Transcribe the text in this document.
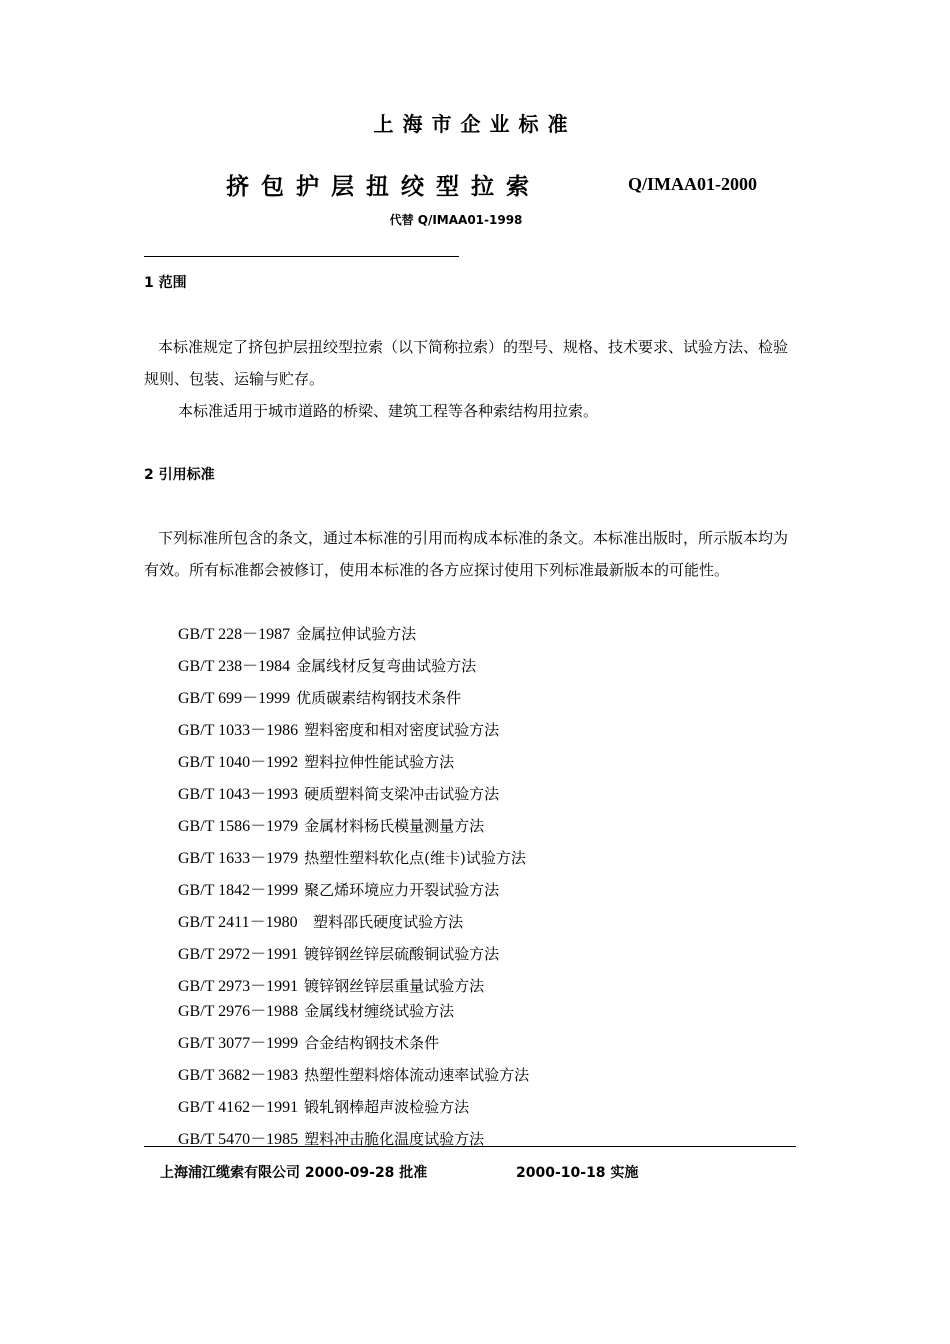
上海市企业标准
挤包护层扭绞型拉索	Q/IMAA01-2000
代替 Q/IMAA01-1998
1 范围
本标准规定了挤包护层扭绞型拉索（以下简称拉索）的型号、规格、技术要求、试验方法、检验规则、包装、运输与贮存。
本标准适用于城市道路的桥梁、建筑工程等各种索结构用拉索。
2 引用标准
下列标准所包含的条文，通过本标准的引用而构成本标准的条文。本标准出版时，所示版本均为有效。所有标准都会被修订，使用本标准的各方应探讨使用下列标准最新版本的可能性。
GB/T 228－1987 金属拉伸试验方法
GB/T 238－1984 金属线材反复弯曲试验方法
GB/T 699－1999 优质碳素结构钢技术条件
GB/T 1033－1986 塑料密度和相对密度试验方法
GB/T 1040－1992 塑料拉伸性能试验方法
GB/T 1043－1993 硬质塑料简支梁冲击试验方法
GB/T 1586－1979 金属材料杨氏模量测量方法
GB/T 1633－1979 热塑性塑料软化点(维卡)试验方法
GB/T 1842－1999 聚乙烯环境应力开裂试验方法
GB/T 2411－1980  塑料邵氏硬度试验方法
GB/T 2972－1991 镀锌钢丝锌层硫酸铜试验方法
GB/T 2973－1991 镀锌钢丝锌层重量试验方法
GB/T 2976－1988 金属线材缠绕试验方法
GB/T 3077－1999 合金结构钢技术条件
GB/T 3682－1983 热塑性塑料熔体流动速率试验方法
GB/T 4162－1991 锻轧钢棒超声波检验方法
GB/T 5470－1985 塑料冲击脆化温度试验方法
上海浦江缆索有限公司 2000-09-28 批准	2000-10-18 实施
